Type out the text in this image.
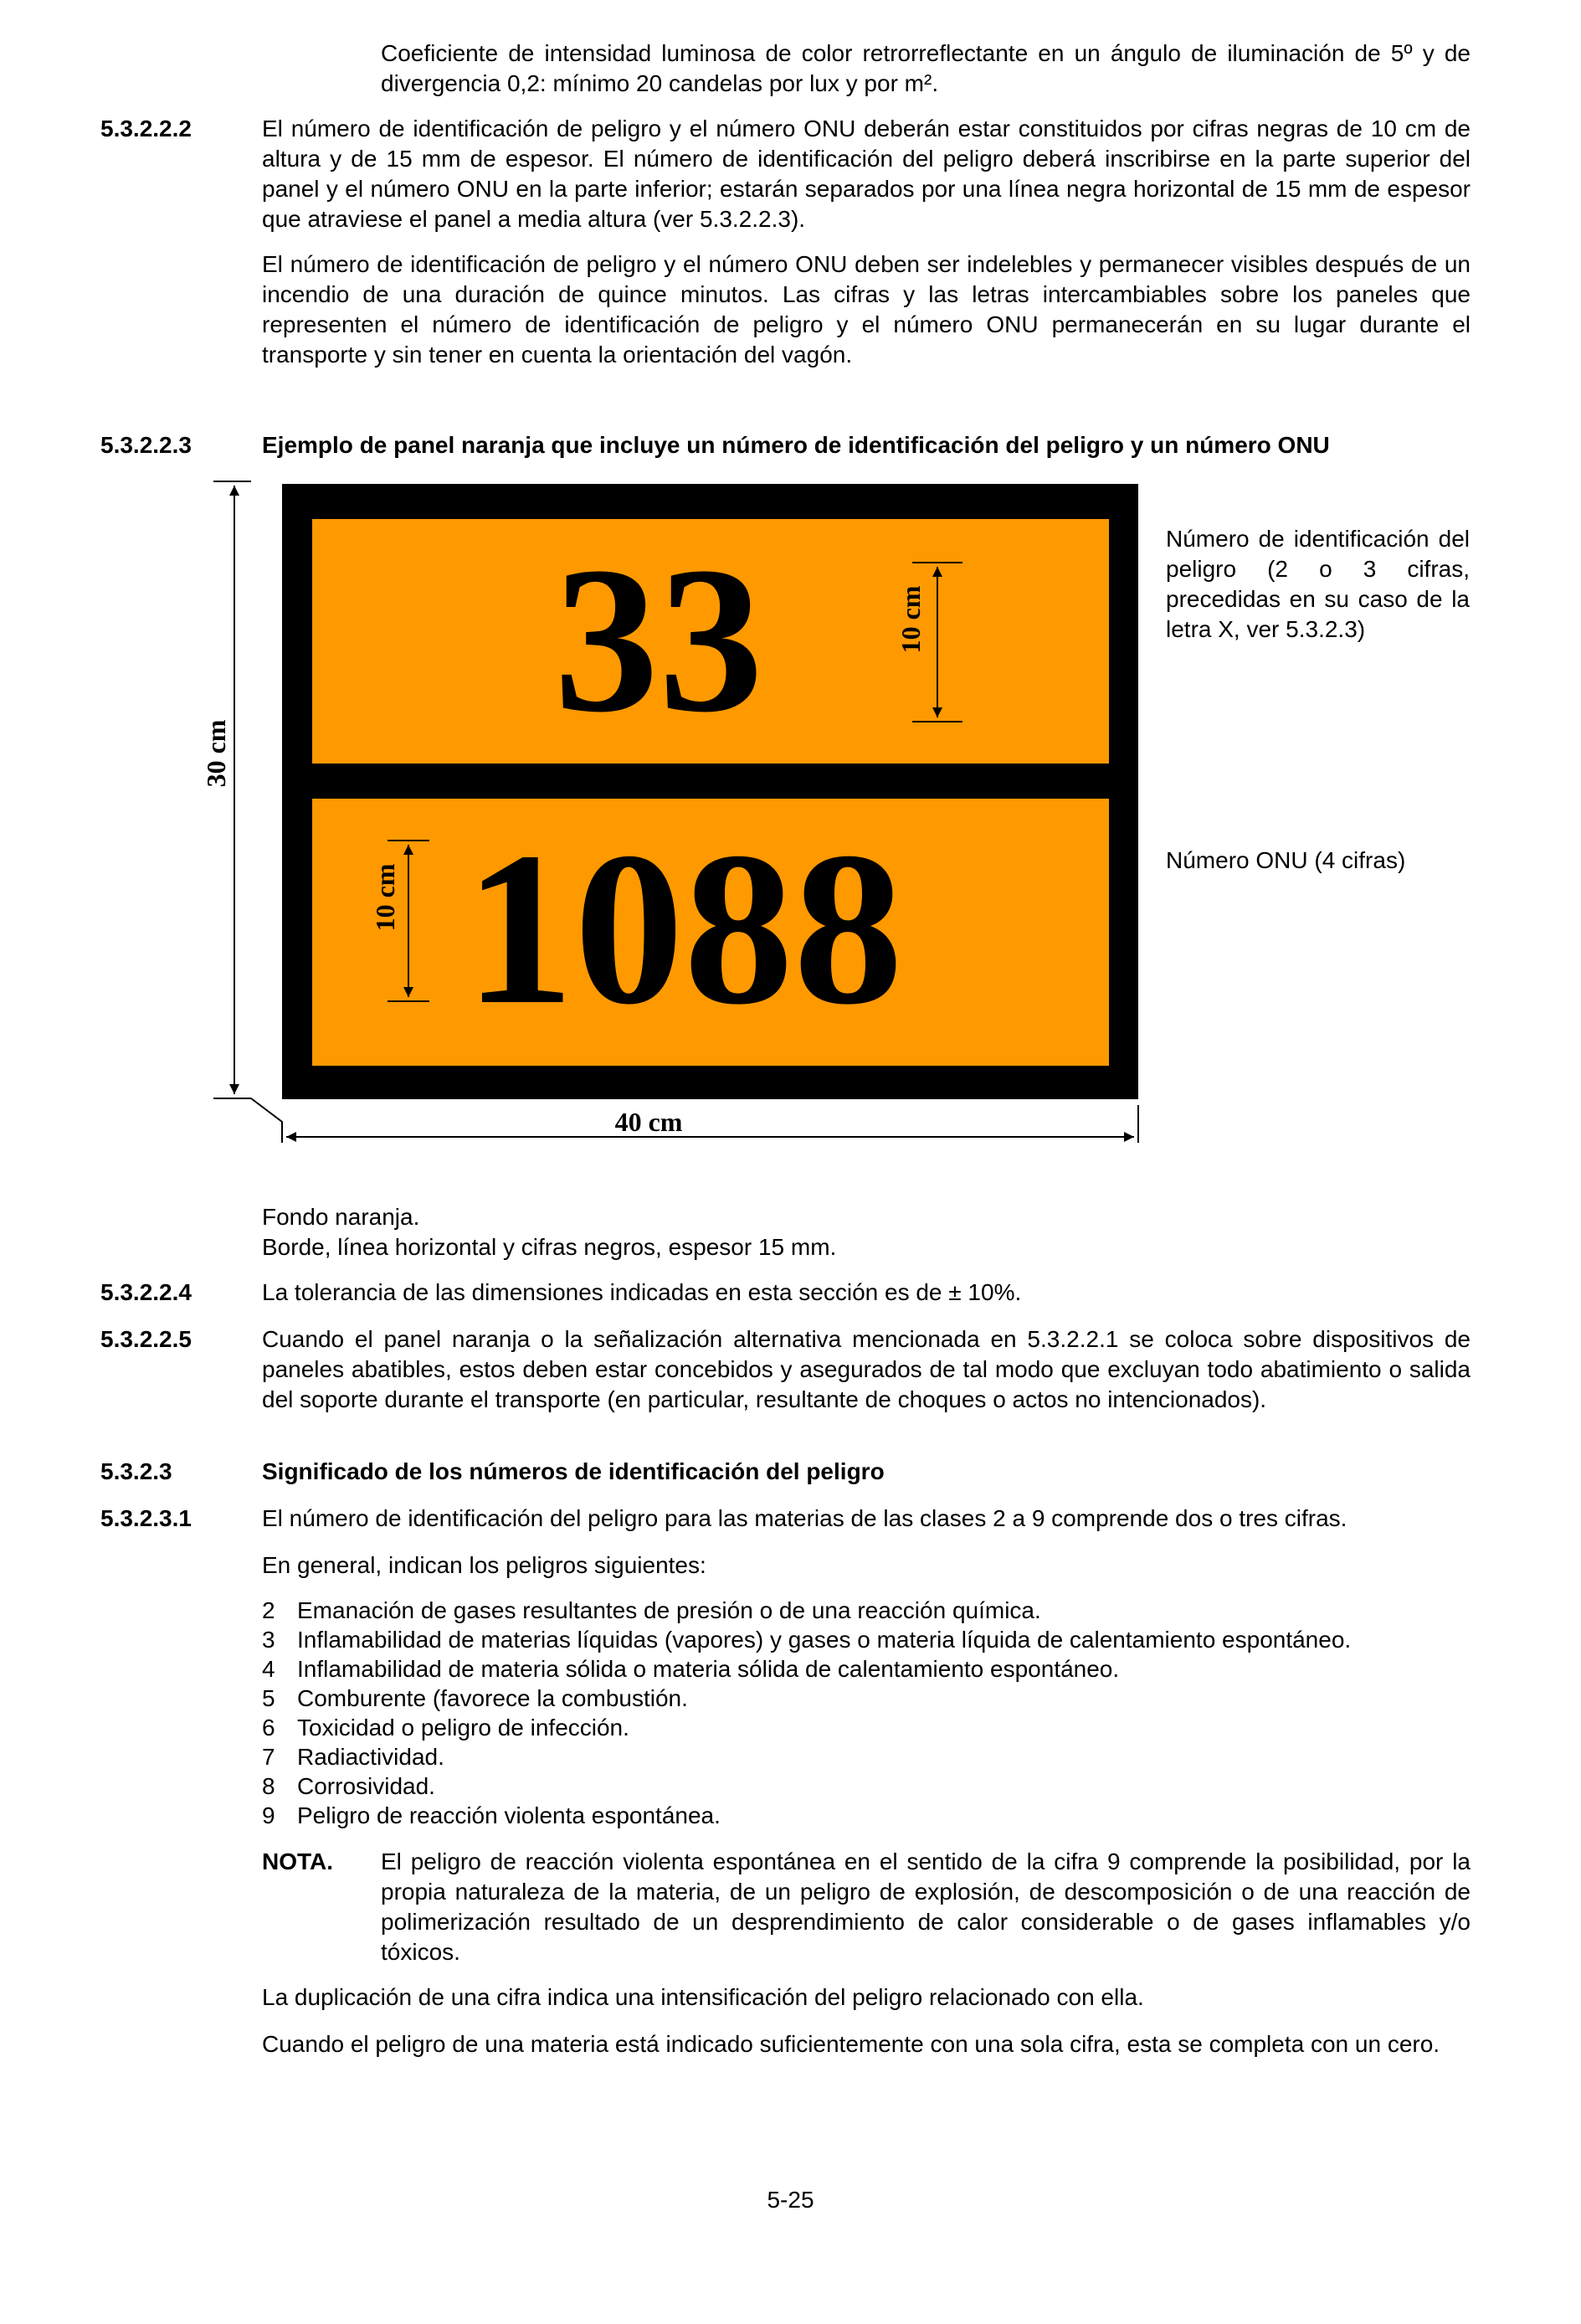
Coeficiente de intensidad luminosa de color retrorreflectante en un ángulo de iluminación de 5º y de divergencia 0,2: mínimo 20 candelas por lux y por m².
5.3.2.2.2	El número de identificación de peligro y el número ONU deberán estar constituidos por cifras negras de 10 cm de altura y de 15 mm de espesor. El número de identificación del peligro deberá inscribirse en la parte superior del panel y el número ONU en la parte inferior; estarán separados por una línea negra horizontal de 15 mm de espesor que atraviese el panel a media altura (ver 5.3.2.2.3).
El número de identificación de peligro y el número ONU deben ser indelebles y permanecer visibles después de un incendio de una duración de quince minutos. Las cifras y las letras intercambiables sobre los paneles que representen el número de identificación de peligro y el número ONU permanecerán en su lugar durante el transporte y sin tener en cuenta la orientación del vagón.
5.3.2.2.3	Ejemplo de panel naranja que incluye un número de identificación del peligro y un número ONU
33
1088
30 cm
10 cm
10 cm
40 cm
Número de identificación del peligro (2 o 3 cifras, precedidas en su caso de la letra X, ver 5.3.2.3)
Número ONU (4 cifras)
Fondo naranja.
Borde, línea horizontal y cifras negros, espesor 15 mm.
5.3.2.2.4	La tolerancia de las dimensiones indicadas en esta sección es de ± 10%.
5.3.2.2.5	Cuando el panel naranja o la señalización alternativa mencionada en 5.3.2.2.1 se coloca sobre dispositivos de paneles abatibles, estos deben estar concebidos y asegurados de tal modo que excluyan todo abatimiento o salida del soporte durante el transporte (en particular, resultante de choques o actos no intencionados).
5.3.2.3	Significado de los números de identificación del peligro
5.3.2.3.1	El número de identificación del peligro para las materias de las clases 2 a 9 comprende dos o tres cifras.
En general, indican los peligros siguientes:
2 Emanación de gases resultantes de presión o de una reacción química.
3 Inflamabilidad de materias líquidas (vapores) y gases o materia líquida de calentamiento espontáneo.
4 Inflamabilidad de materia sólida o materia sólida de calentamiento espontáneo.
5 Comburente (favorece la combustión.
6 Toxicidad o peligro de infección.
7 Radiactividad.
8 Corrosividad.
9 Peligro de reacción violenta espontánea.
NOTA. El peligro de reacción violenta espontánea en el sentido de la cifra 9 comprende la posibilidad, por la propia naturaleza de la materia, de un peligro de explosión, de descomposición o de una reacción de polimerización resultado de un desprendimiento de calor considerable o de gases inflamables y/o tóxicos.
La duplicación de una cifra indica una intensificación del peligro relacionado con ella.
Cuando el peligro de una materia está indicado suficientemente con una sola cifra, esta se completa con un cero.
5-25
